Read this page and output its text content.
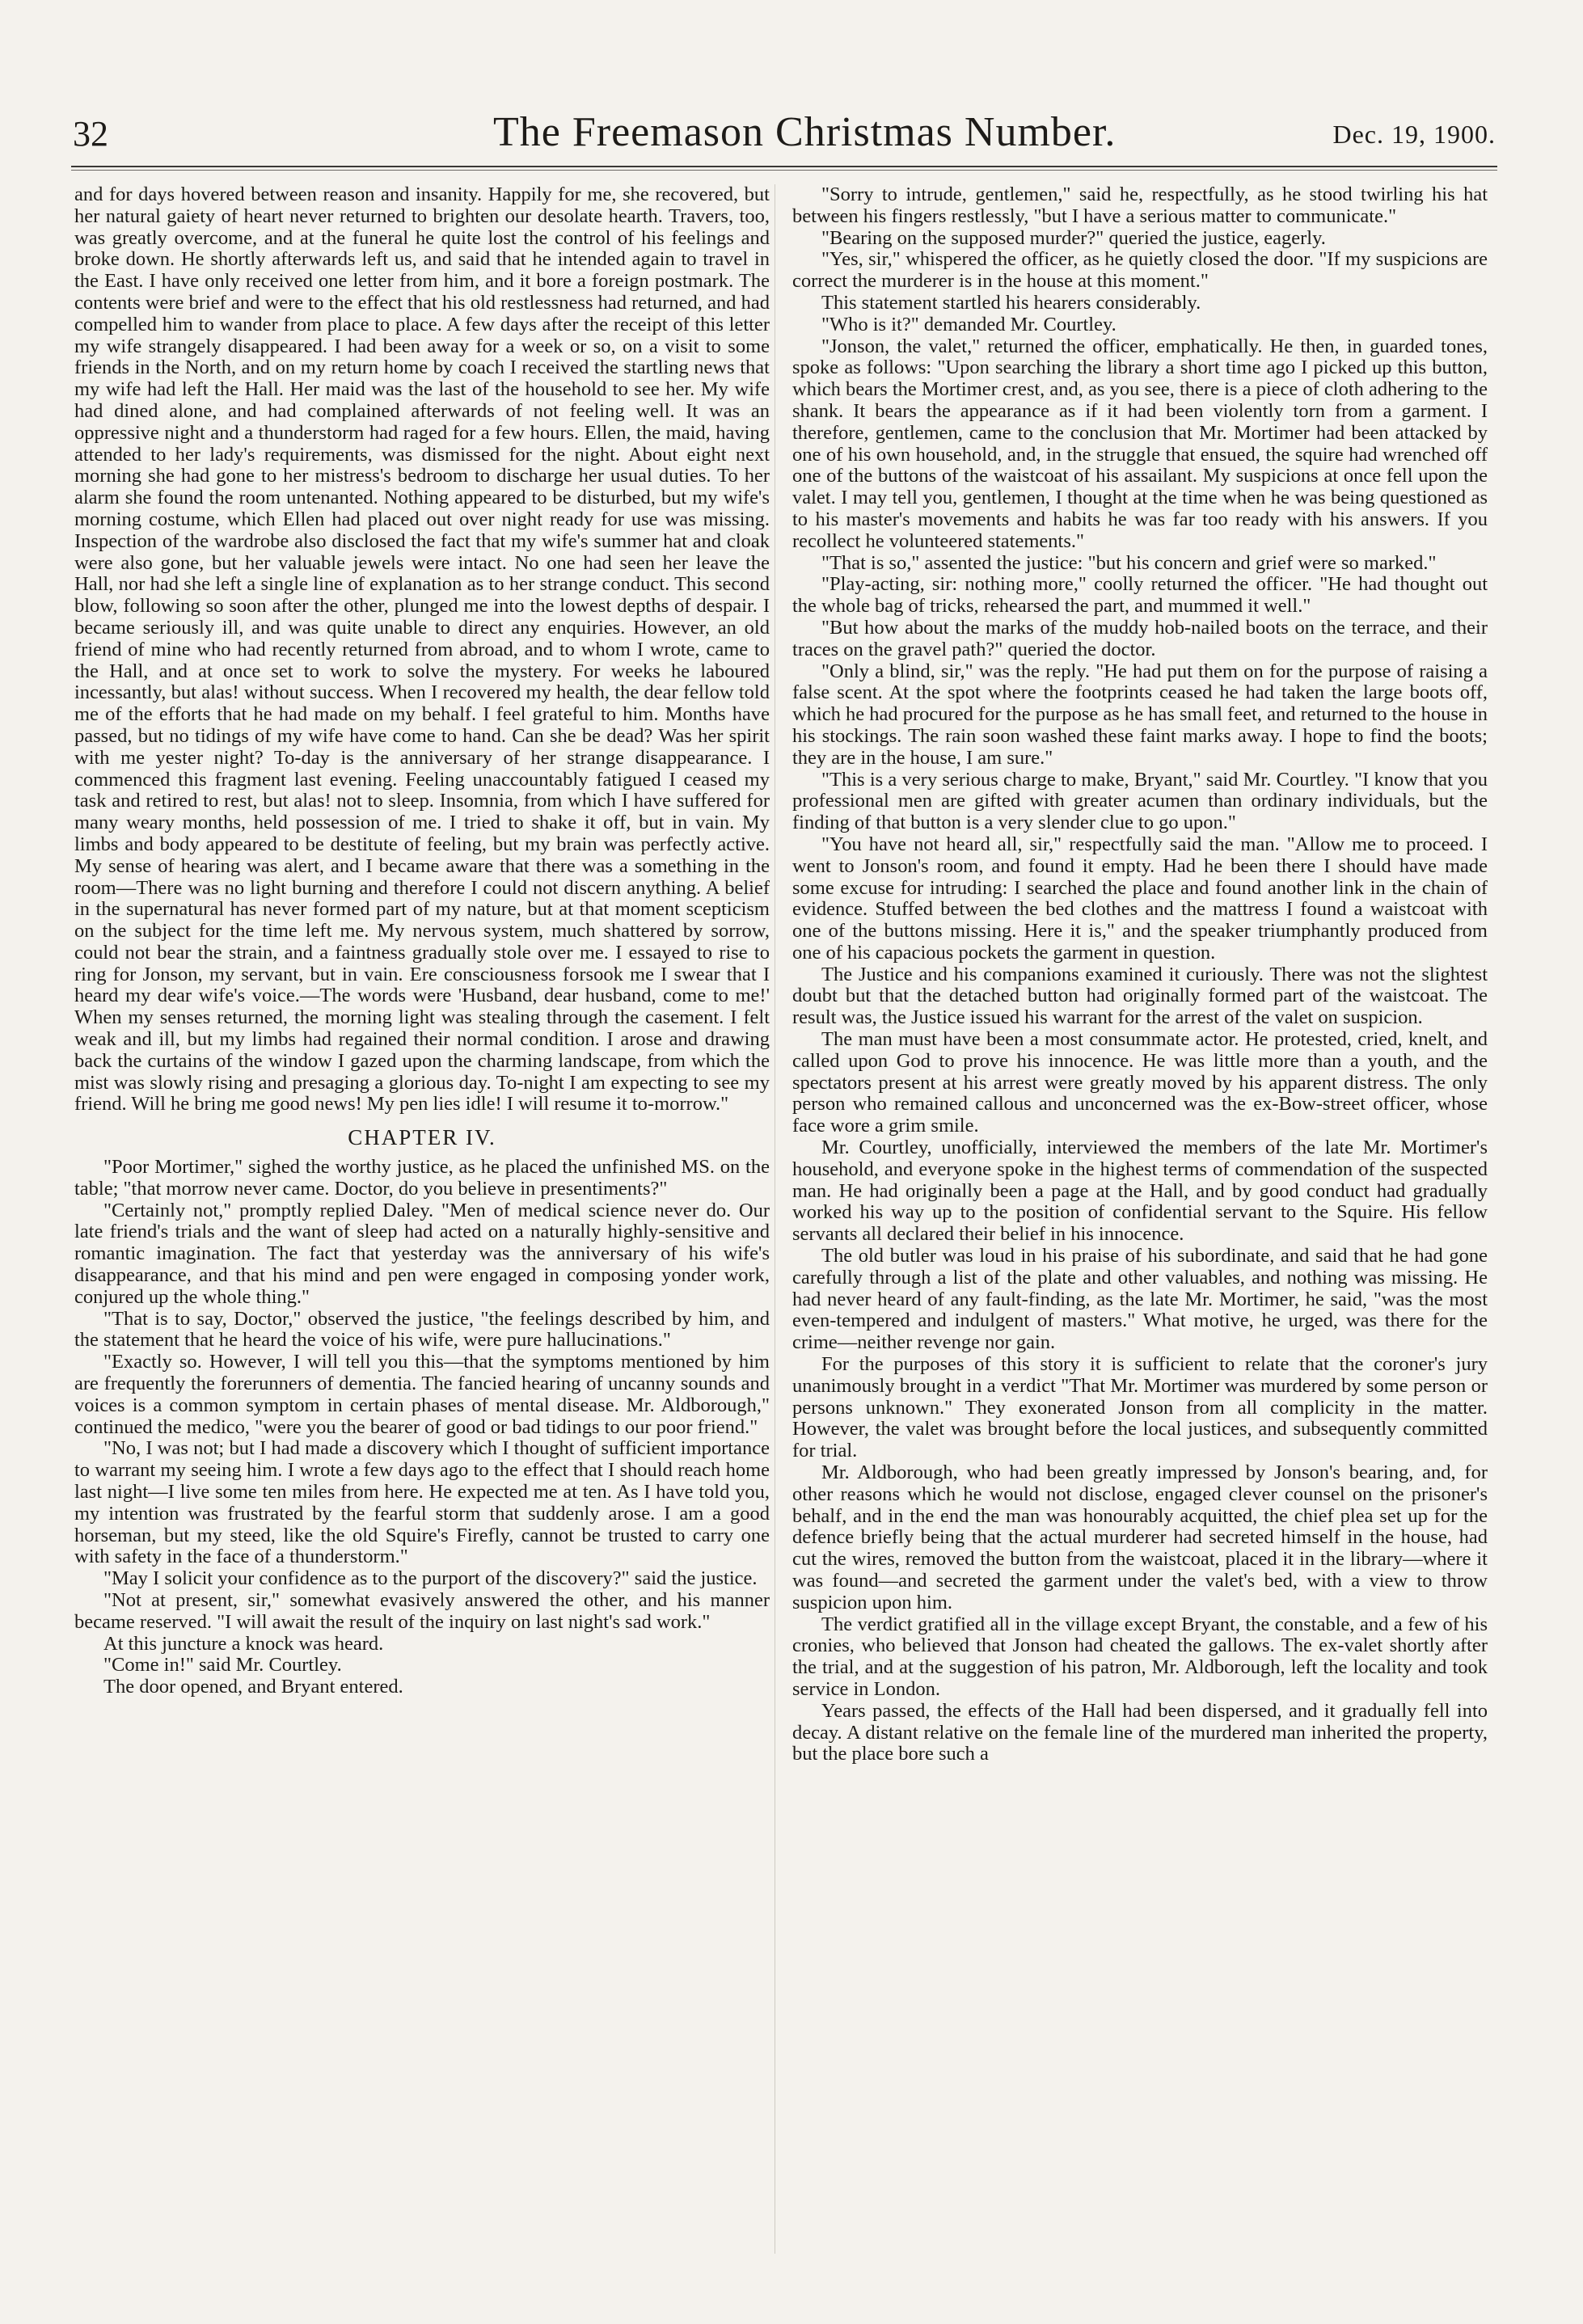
32	The Freemason Christmas Number.	Dec. 19, 1900.

and for days hovered between reason and insanity. Happily for me, she recovered, but her natural gaiety of heart never returned to brighten our desolate hearth. Travers, too, was greatly overcome, and at the funeral he quite lost the control of his feelings and broke down. He shortly afterwards left us, and said that he intended again to travel in the East. I have only received one letter from him, and it bore a foreign postmark. The contents were brief and were to the effect that his old restlessness had returned, and had compelled him to wander from place to place. A few days after the receipt of this letter my wife strangely disappeared. I had been away for a week or so, on a visit to some friends in the North, and on my return home by coach I received the startling news that my wife had left the Hall. Her maid was the last of the household to see her. My wife had dined alone, and had complained afterwards of not feeling well. It was an oppressive night and a thunderstorm had raged for a few hours. Ellen, the maid, having attended to her lady's requirements, was dismissed for the night. About eight next morning she had gone to her mistress's bedroom to discharge her usual duties. To her alarm she found the room untenanted. Nothing appeared to be disturbed, but my wife's morning costume, which Ellen had placed out over night ready for use was missing. Inspection of the wardrobe also disclosed the fact that my wife's summer hat and cloak were also gone, but her valuable jewels were intact. No one had seen her leave the Hall, nor had she left a single line of explanation as to her strange conduct. This second blow, following so soon after the other, plunged me into the lowest depths of despair. I became seriously ill, and was quite unable to direct any enquiries. However, an old friend of mine who had recently returned from abroad, and to whom I wrote, came to the Hall, and at once set to work to solve the mystery. For weeks he laboured incessantly, but alas! without success. When I recovered my health, the dear fellow told me of the efforts that he had made on my behalf. I feel grateful to him. Months have passed, but no tidings of my wife have come to hand. Can she be dead? Was her spirit with me yester night? To-day is the anniversary of her strange disappearance. I commenced this fragment last evening. Feeling unaccountably fatigued I ceased my task and retired to rest, but alas! not to sleep. Insomnia, from which I have suffered for many weary months, held possession of me. I tried to shake it off, but in vain. My limbs and body appeared to be destitute of feeling, but my brain was perfectly active. My sense of hearing was alert, and I became aware that there was a something in the room—There was no light burning and therefore I could not discern anything. A belief in the supernatural has never formed part of my nature, but at that moment scepticism on the subject for the time left me. My nervous system, much shattered by sorrow, could not bear the strain, and a faintness gradually stole over me. I essayed to rise to ring for Jonson, my servant, but in vain. Ere consciousness forsook me I swear that I heard my dear wife's voice.—The words were 'Husband, dear husband, come to me!' When my senses returned, the morning light was stealing through the casement. I felt weak and ill, but my limbs had regained their normal condition. I arose and drawing back the curtains of the window I gazed upon the charming landscape, from which the mist was slowly rising and presaging a glorious day. To-night I am expecting to see my friend. Will he bring me good news! My pen lies idle! I will resume it to-morrow."

CHAPTER IV.

"Poor Mortimer," sighed the worthy justice, as he placed the unfinished MS. on the table; "that morrow never came. Doctor, do you believe in presentiments?"

"Certainly not," promptly replied Daley. "Men of medical science never do. Our late friend's trials and the want of sleep had acted on a naturally highly-sensitive and romantic imagination. The fact that yesterday was the anniversary of his wife's disappearance, and that his mind and pen were engaged in composing yonder work, conjured up the whole thing."

"That is to say, Doctor," observed the justice, "the feelings described by him, and the statement that he heard the voice of his wife, were pure hallucinations."

"Exactly so. However, I will tell you this—that the symptoms mentioned by him are frequently the forerunners of dementia. The fancied hearing of uncanny sounds and voices is a common symptom in certain phases of mental disease. Mr. Aldborough," continued the medico, "were you the bearer of good or bad tidings to our poor friend."

"No, I was not; but I had made a discovery which I thought of sufficient importance to warrant my seeing him. I wrote a few days ago to the effect that I should reach home last night—I live some ten miles from here. He expected me at ten. As I have told you, my intention was frustrated by the fearful storm that suddenly arose. I am a good horseman, but my steed, like the old Squire's Firefly, cannot be trusted to carry one with safety in the face of a thunderstorm."

"May I solicit your confidence as to the purport of the discovery?" said the justice.

"Not at present, sir," somewhat evasively answered the other, and his manner became reserved. "I will await the result of the inquiry on last night's sad work."

At this juncture a knock was heard.

"Come in!" said Mr. Courtley.

The door opened, and Bryant entered.

"Sorry to intrude, gentlemen," said he, respectfully, as he stood twirling his hat between his fingers restlessly, "but I have a serious matter to communicate."

"Bearing on the supposed murder?" queried the justice, eagerly.

"Yes, sir," whispered the officer, as he quietly closed the door. "If my suspicions are correct the murderer is in the house at this moment."

This statement startled his hearers considerably.

"Who is it?" demanded Mr. Courtley.

"Jonson, the valet," returned the officer, emphatically. He then, in guarded tones, spoke as follows: "Upon searching the library a short time ago I picked up this button, which bears the Mortimer crest, and, as you see, there is a piece of cloth adhering to the shank. It bears the appearance as if it had been violently torn from a garment. I therefore, gentlemen, came to the conclusion that Mr. Mortimer had been attacked by one of his own household, and, in the struggle that ensued, the squire had wrenched off one of the buttons of the waistcoat of his assailant. My suspicions at once fell upon the valet. I may tell you, gentlemen, I thought at the time when he was being questioned as to his master's movements and habits he was far too ready with his answers. If you recollect he volunteered statements."

"That is so," assented the justice: "but his concern and grief were so marked."

"Play-acting, sir: nothing more," coolly returned the officer. "He had thought out the whole bag of tricks, rehearsed the part, and mummed it well."

"But how about the marks of the muddy hob-nailed boots on the terrace, and their traces on the gravel path?" queried the doctor.

"Only a blind, sir," was the reply. "He had put them on for the purpose of raising a false scent. At the spot where the footprints ceased he had taken the large boots off, which he had procured for the purpose as he has small feet, and returned to the house in his stockings. The rain soon washed these faint marks away. I hope to find the boots; they are in the house, I am sure."

"This is a very serious charge to make, Bryant," said Mr. Courtley. "I know that you professional men are gifted with greater acumen than ordinary individuals, but the finding of that button is a very slender clue to go upon."

"You have not heard all, sir," respectfully said the man. "Allow me to proceed. I went to Jonson's room, and found it empty. Had he been there I should have made some excuse for intruding: I searched the place and found another link in the chain of evidence. Stuffed between the bed clothes and the mattress I found a waistcoat with one of the buttons missing. Here it is," and the speaker triumphantly produced from one of his capacious pockets the garment in question.

The Justice and his companions examined it curiously. There was not the slightest doubt but that the detached button had originally formed part of the waistcoat. The result was, the Justice issued his warrant for the arrest of the valet on suspicion.

The man must have been a most consummate actor. He protested, cried, knelt, and called upon God to prove his innocence. He was little more than a youth, and the spectators present at his arrest were greatly moved by his apparent distress. The only person who remained callous and unconcerned was the ex-Bow-street officer, whose face wore a grim smile.

Mr. Courtley, unofficially, interviewed the members of the late Mr. Mortimer's household, and everyone spoke in the highest terms of commendation of the suspected man. He had originally been a page at the Hall, and by good conduct had gradually worked his way up to the position of confidential servant to the Squire. His fellow servants all declared their belief in his innocence.

The old butler was loud in his praise of his subordinate, and said that he had gone carefully through a list of the plate and other valuables, and nothing was missing. He had never heard of any fault-finding, as the late Mr. Mortimer, he said, "was the most even-tempered and indulgent of masters." What motive, he urged, was there for the crime—neither revenge nor gain.

For the purposes of this story it is sufficient to relate that the coroner's jury unanimously brought in a verdict "That Mr. Mortimer was murdered by some person or persons unknown." They exonerated Jonson from all complicity in the matter. However, the valet was brought before the local justices, and subsequently committed for trial.

Mr. Aldborough, who had been greatly impressed by Jonson's bearing, and, for other reasons which he would not disclose, engaged clever counsel on the prisoner's behalf, and in the end the man was honourably acquitted, the chief plea set up for the defence briefly being that the actual murderer had secreted himself in the house, had cut the wires, removed the button from the waistcoat, placed it in the library—where it was found—and secreted the garment under the valet's bed, with a view to throw suspicion upon him.

The verdict gratified all in the village except Bryant, the constable, and a few of his cronies, who believed that Jonson had cheated the gallows. The ex-valet shortly after the trial, and at the suggestion of his patron, Mr. Aldborough, left the locality and took service in London.

Years passed, the effects of the Hall had been dispersed, and it gradually fell into decay. A distant relative on the female line of the murdered man inherited the property, but the place bore such a
